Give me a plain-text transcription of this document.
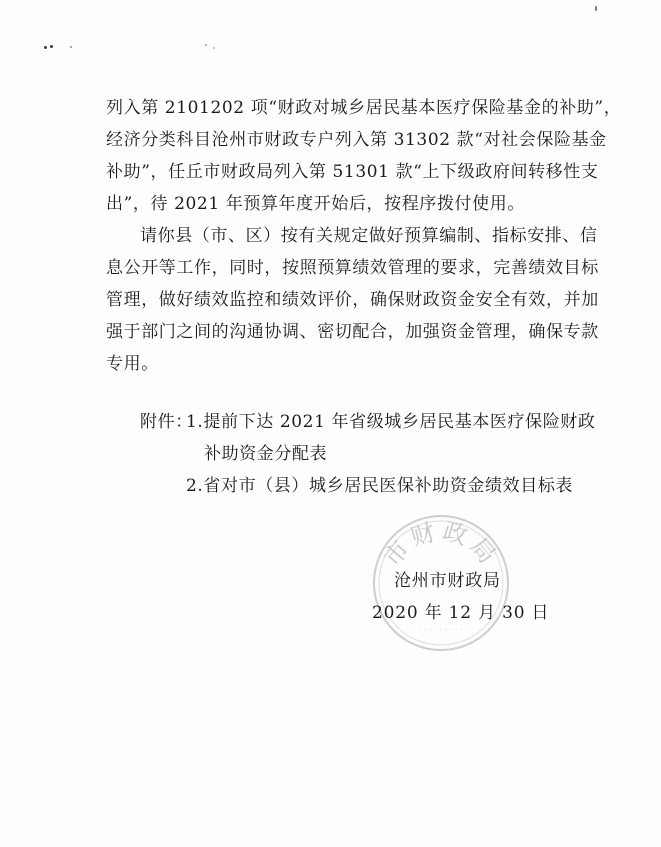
列入第 2101202 项“财政对城乡居民基本医疗保险基金的补助”，
经济分类科目沧州市财政专户列入第 31302 款“对社会保险基金
补助”，任丘市财政局列入第 51301 款“上下级政府间转移性支
出”，待 2021 年预算年度开始后，按程序拨付使用。
请你县（市、区）按有关规定做好预算编制、指标安排、信
息公开等工作，同时，按照预算绩效管理的要求，完善绩效目标
管理，做好绩效监控和绩效评价，确保财政资金安全有效，并加
强于部门之间的沟通协调、密切配合，加强资金管理，确保专款
专用。
附件：
1.提前下达 2021 年省级城乡居民基本医疗保险财政
补助资金分配表
2.省对市（县）城乡居民医保补助资金绩效目标表
市财政局
·········
沧州市财政局
2020 年 12 月 30 日
